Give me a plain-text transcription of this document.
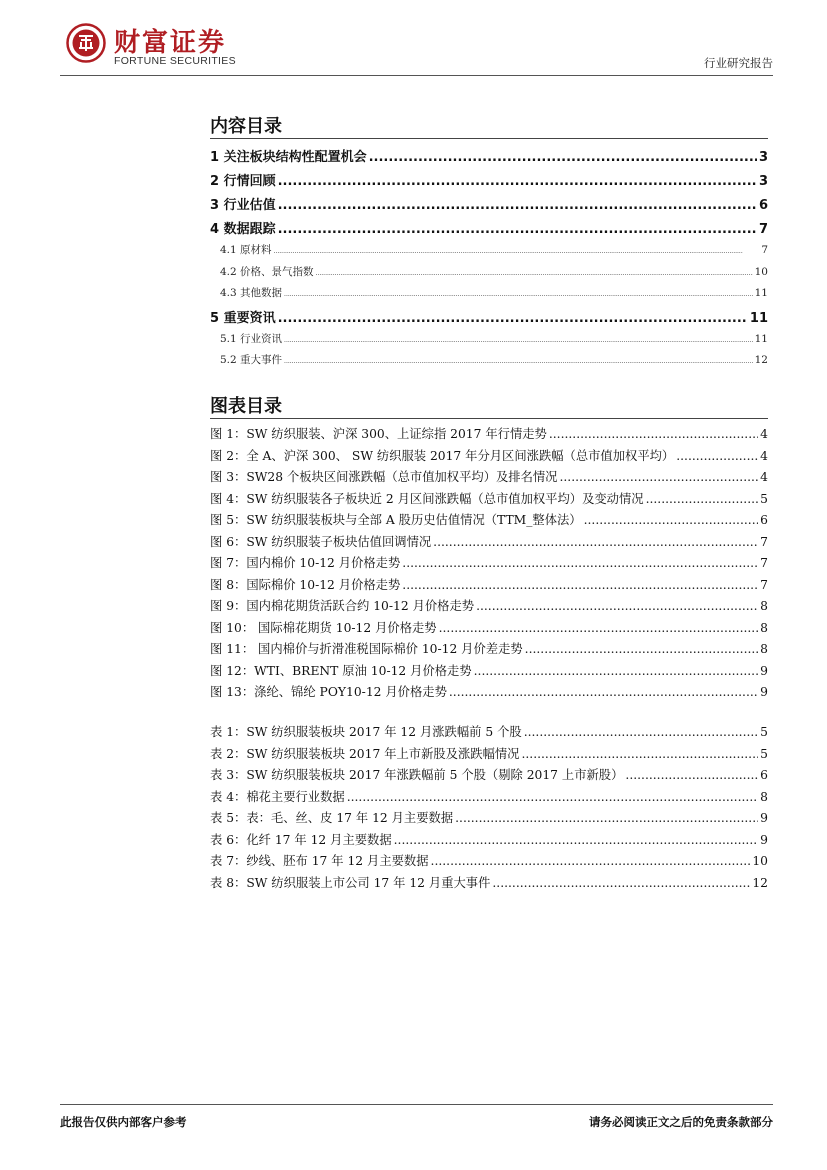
财富证券
FORTUNE SECURITIES	行业研究报告
内容目录
1 关注板块结构性配置机会 .....	3
2 行情回顾 .....	3
3 行业估值 .....	6
4 数据跟踪 .....	7
4.1 原材料 .....	7
4.2 价格、景气指数 .....	10
4.3 其他数据 .....	11
5 重要资讯 .....	11
5.1 行业资讯 .....	11
5.2 重大事件 .....	12
图表目录
图 1：SW 纺织服装、沪深 300、上证综指 2017 年行情走势 .....	4
图 2：全 A、沪深 300、 SW 纺织服装 2017 年分月区间涨跌幅（总市值加权平均） .....	4
图 3：SW28 个板块区间涨跌幅（总市值加权平均）及排名情况 .....	4
图 4：SW 纺织服装各子板块近 2 月区间涨跌幅（总市值加权平均）及变动情况 .....	5
图 5：SW 纺织服装板块与全部 A 股历史估值情况（TTM_整体法） .....	6
图 6：SW 纺织服装子板块估值回调情况 .....	7
图 7：国内棉价 10-12 月价格走势 .....	7
图 8：国际棉价 10-12 月价格走势 .....	7
图 9：国内棉花期货活跃合约 10-12 月价格走势 .....	8
图 10： 国际棉花期货 10-12 月价格走势 .....	8
图 11： 国内棉价与折滑准税国际棉价 10-12 月价差走势 .....	8
图 12：WTI、BRENT 原油 10-12 月价格走势 .....	9
图 13：涤纶、锦纶 POY10-12 月价格走势 .....	9
表 1：SW 纺织服装板块 2017 年 12 月涨跌幅前 5 个股 .....	5
表 2：SW 纺织服装板块 2017 年上市新股及涨跌幅情况 .....	5
表 3：SW 纺织服装板块 2017 年涨跌幅前 5 个股（剔除 2017 上市新股） .....	6
表 4：棉花主要行业数据 .....	8
表 5：表：毛、丝、皮 17 年 12 月主要数据 .....	9
表 6：化纤 17 年 12 月主要数据 .....	9
表 7：纱线、胚布 17 年 12 月主要数据 .....	10
表 8：SW 纺织服装上市公司 17 年 12 月重大事件 .....	12
此报告仅供内部客户参考	请务必阅读正文之后的免责条款部分
